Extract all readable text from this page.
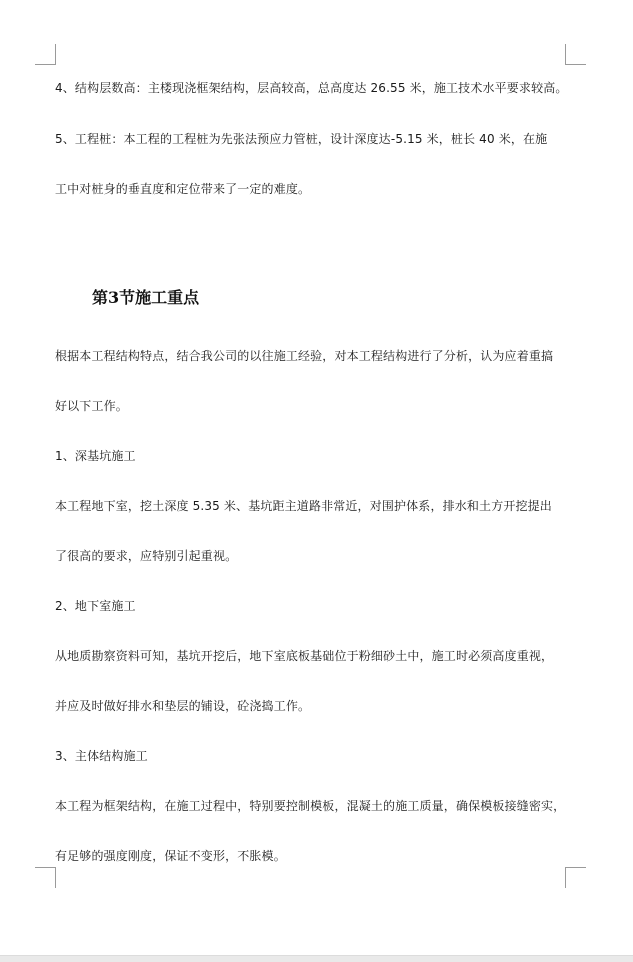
4、结构层数高：主楼现浇框架结构，层高较高，总高度达 26.55 米，施工技术水平要求较高。
5、工程桩：本工程的工程桩为先张法预应力管桩，设计深度达-5.15 米，桩长 40 米，在施
工中对桩身的垂直度和定位带来了一定的难度。
第3节施工重点
根据本工程结构特点，结合我公司的以往施工经验，对本工程结构进行了分析，认为应着重搞
好以下工作。
1、深基坑施工
本工程地下室，挖土深度 5.35 米、基坑距主道路非常近，对围护体系，排水和土方开挖提出
了很高的要求，应特别引起重视。
2、地下室施工
从地质勘察资料可知，基坑开挖后，地下室底板基础位于粉细砂土中，施工时必须高度重视，
并应及时做好排水和垫层的铺设，砼浇捣工作。
3、主体结构施工
本工程为框架结构，在施工过程中，特别要控制模板，混凝土的施工质量，确保模板接缝密实，
有足够的强度刚度，保证不变形，不胀模。
